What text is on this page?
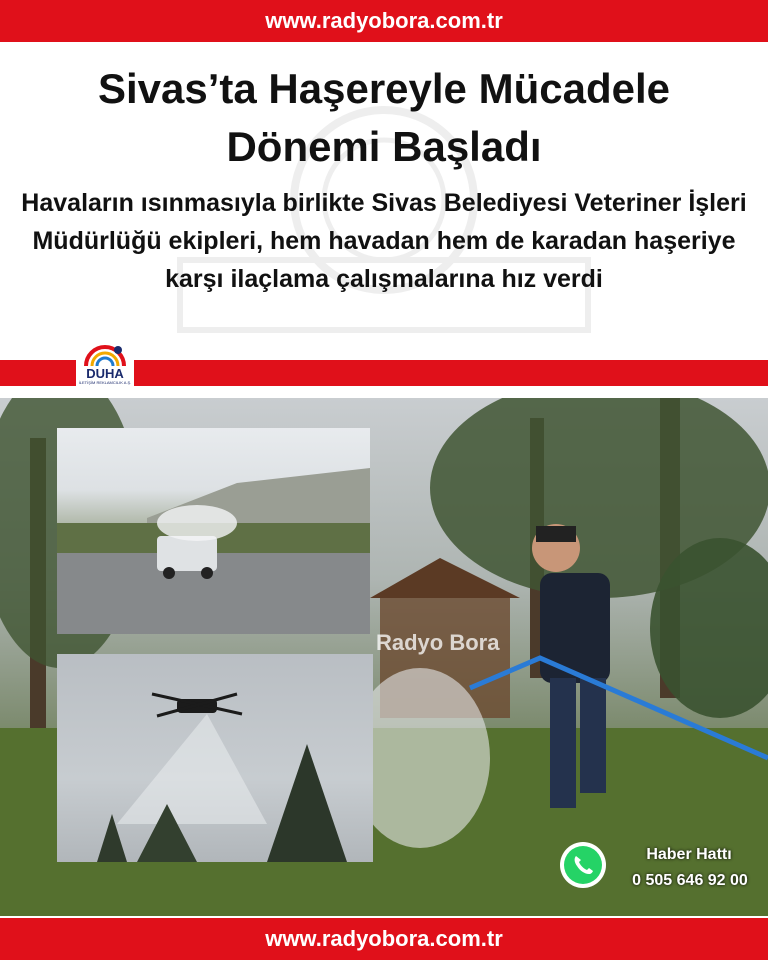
www.radyobora.com.tr
Sivas’ta Haşereyle Mücadele Dönemi Başladı

Havaların ısınmasıyla birlikte Sivas Belediyesi Veteriner İşleri Müdürlüğü ekipleri, hem havadan hem de karadan haşeriye karşı ilaçlama çalışmalarına hız verdi

DUHA
İLETİŞİM REKLAMCILIK A.Ş.
Radyo Bora
Haber Hattı
0 505 646 92 00
www.radyobora.com.tr
